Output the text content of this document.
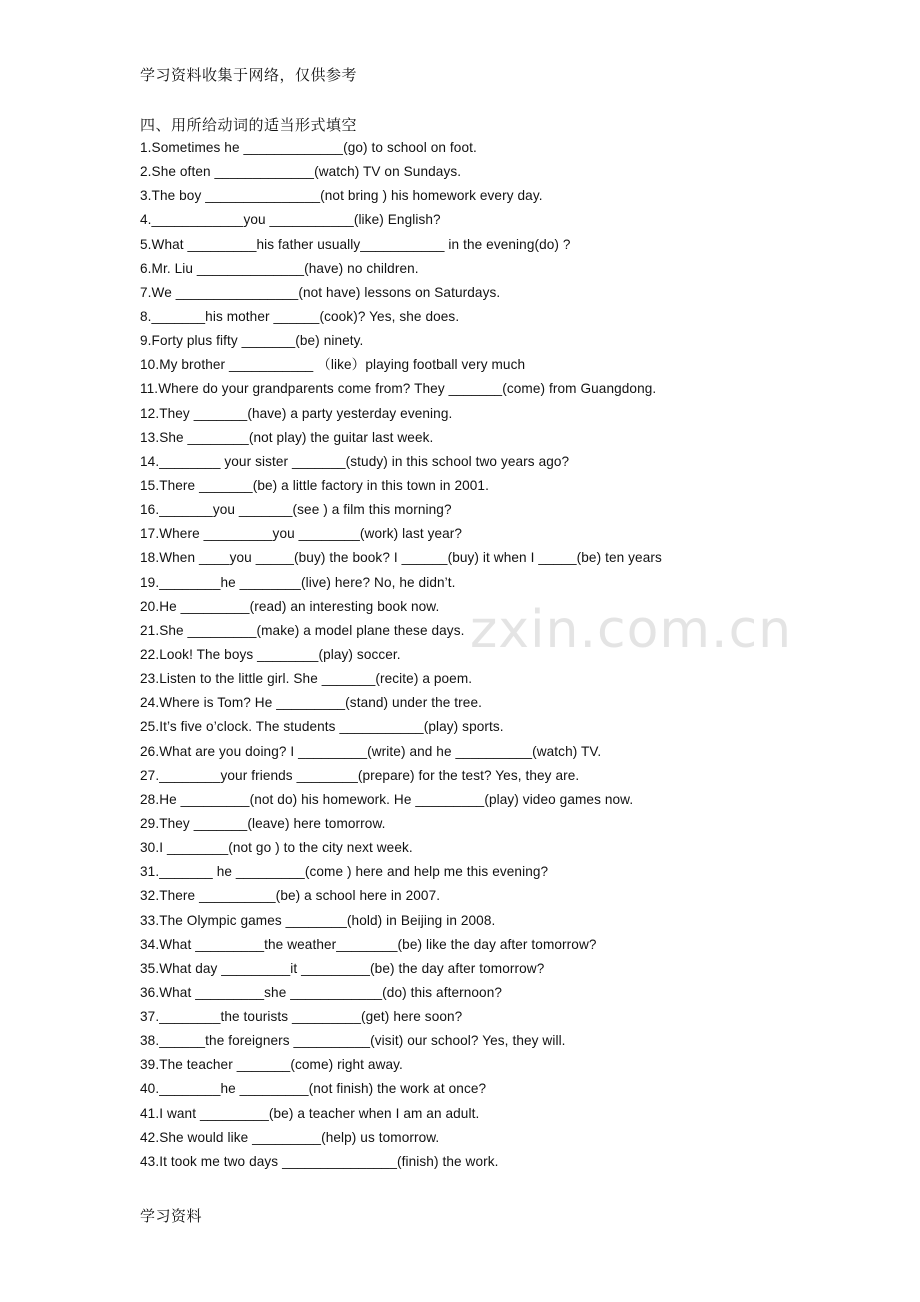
学习资料收集于网络，仅供参考
四、用所给动词的适当形式填空
zxin.com.cn
1.Sometimes he _____________(go) to school on foot.
2.She often _____________(watch) TV on Sundays.
3.The boy _______________(not bring ) his homework every day.
4.____________you ___________(like) English?
5.What _________his father usually___________ in the evening(do) ?
6.Mr. Liu ______________(have) no children.
7.We ________________(not have) lessons on Saturdays.
8._______his mother ______(cook)? Yes, she does.
9.Forty plus fifty _______(be) ninety.
10.My brother ___________ （like）playing football very much
11.Where do your grandparents come from? They _______(come) from Guangdong.
12.They _______(have) a party yesterday evening.
13.She ________(not play) the guitar last week.
14.________ your sister _______(study) in this school two years ago?
15.There _______(be) a little factory in this town in 2001.
16._______you _______(see ) a film this morning?
17.Where _________you ________(work) last year?
18.When ____you _____(buy) the book? I ______(buy) it when I _____(be) ten years
19.________he ________(live) here? No, he didn’t.
20.He _________(read) an interesting book now.
21.She _________(make) a model plane these days.
22.Look! The boys ________(play) soccer.
23.Listen to the little girl. She _______(recite) a poem.
24.Where is Tom? He _________(stand) under the tree.
25.It’s five o’clock. The students ___________(play) sports.
26.What are you doing? I _________(write) and he __________(watch) TV.
27.________your friends ________(prepare) for the test? Yes, they are.
28.He _________(not do) his homework. He _________(play) video games now.
29.They _______(leave) here tomorrow.
30.I ________(not go ) to the city next week.
31._______ he _________(come ) here and help me this evening?
32.There __________(be) a school here in 2007.
33.The Olympic games ________(hold) in Beijing in 2008.
34.What _________the weather________(be) like the day after tomorrow?
35.What day _________it _________(be) the day after tomorrow?
36.What _________she ____________(do) this afternoon?
37.________the tourists _________(get) here soon?
38.______the foreigners __________(visit) our school? Yes, they will.
39.The teacher _______(come) right away.
40.________he _________(not finish) the work at once?
41.I want _________(be) a teacher when I am an adult.
42.She would like _________(help) us tomorrow.
43.It took me two days _______________(finish) the work.
学习资料
